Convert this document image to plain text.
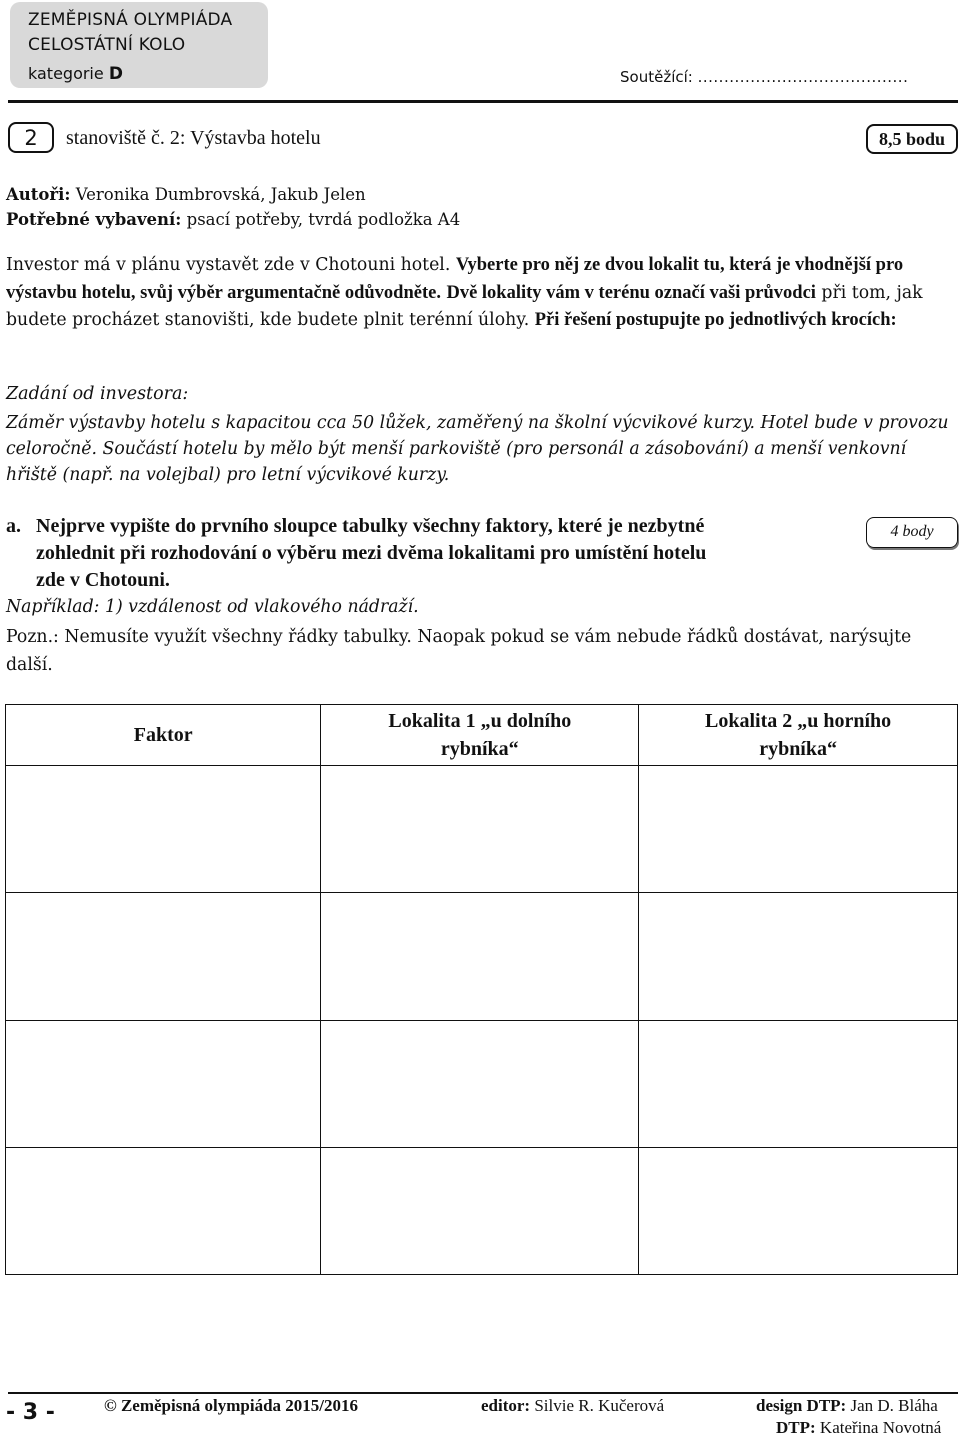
ZEMĚPISNÁ OLYMPIÁDA
CELOSTÁTNÍ KOLO
kategorie D	Soutěžící: ........................................
2	stanoviště č. 2: Výstavba hotelu	8,5 bodu
Autoři: Veronika Dumbrovská, Jakub Jelen
Potřebné vybavení: psací potřeby, tvrdá podložka A4
Investor má v plánu vystavět zde v Chotouni hotel. Vyberte pro něj ze dvou lokalit tu, která je vhodnější pro výstavbu hotelu, svůj výběr argumentačně odůvodněte. Dvě lokality vám v terénu označí vaši průvodci při tom, jak budete procházet stanovišti, kde budete plnit terénní úlohy. Při řešení postupujte po jednotlivých krocích:
Zadání od investora:
Záměr výstavby hotelu s kapacitou cca 50 lůžek, zaměřený na školní výcvikové kurzy. Hotel bude v provozu celoročně. Součástí hotelu by mělo být menší parkoviště (pro personál a zásobování) a menší venkovní hřiště (např. na volejbal) pro letní výcvikové kurzy.
a. Nejprve vypište do prvního sloupce tabulky všechny faktory, které je nezbytné
zohlednit při rozhodování o výběru mezi dvěma lokalitami pro umístění hotelu
zde v Chotouni.
4 body
Například: 1) vzdálenost od vlakového nádraží.
Pozn.: Nemusíte využít všechny řádky tabulky. Naopak pokud se vám nebude řádků dostávat, narýsujte další.
Faktor	Lokalita 1 „u dolního rybníka“	Lokalita 2 „u horního rybníka“

- 3 -	© Zeměpisná olympiáda 2015/2016	editor: Silvie R. Kučerová	design DTP: Jan D. Bláha
DTP: Kateřina Novotná
